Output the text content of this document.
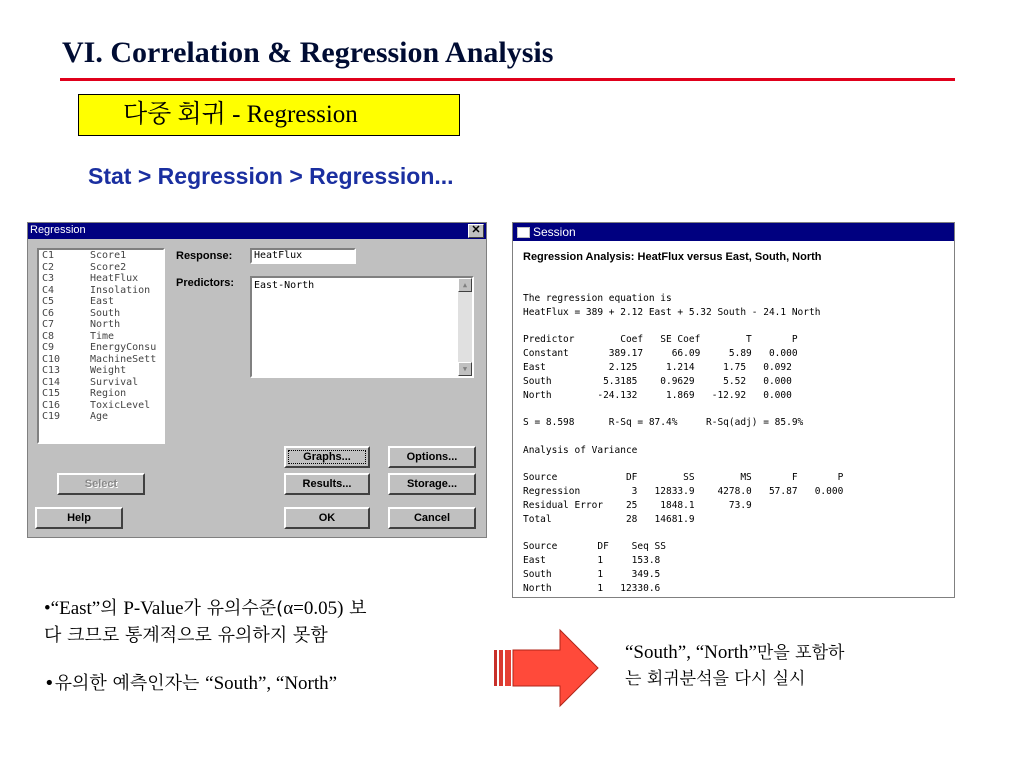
VI. Correlation & Regression Analysis
다중 회귀 - Regression
Stat > Regression > Regression...
Regression	✕
C1	Score1
C2	Score2
C3	HeatFlux
C4	Insolation
C5	East
C6	South
C7	North
C8	Time
C9	EnergyConsu
C10	MachineSett
C13	Weight
C14	Survival
C15	Region
C16	ToxicLevel
C19	Age
Response:	HeatFlux
Predictors:	East-North	▲
▼
Graphs...	Options...
Results...	Storage...
Select
Help	OK	Cancel
Session
Regression Analysis: HeatFlux versus East, South, North
The regression equation is
HeatFlux = 389 + 2.12 East + 5.32 South - 24.1 North
Predictor        Coef   SE Coef        T       P
Constant       389.17     66.09     5.89   0.000
East           2.125     1.214     1.75   0.092
South         5.3185    0.9629     5.52   0.000
North        -24.132     1.869   -12.92   0.000
S = 8.598      R-Sq = 87.4%     R-Sq(adj) = 85.9%
Analysis of Variance
Source            DF        SS        MS       F       P
Regression         3   12833.9    4278.0   57.87   0.000
Residual Error    25    1848.1      73.9
Total             28   14681.9
Source       DF    Seq SS
East         1     153.8
South        1     349.5
North        1   12330.6
•“East”의 P-Value가 유의수준(α=0.05) 보
다 크므로 통계적으로 유의하지 못함
•유의한 예측인자는 “South”, “North”
“South”, “North”만을 포함하
는 회귀분석을 다시 실시
